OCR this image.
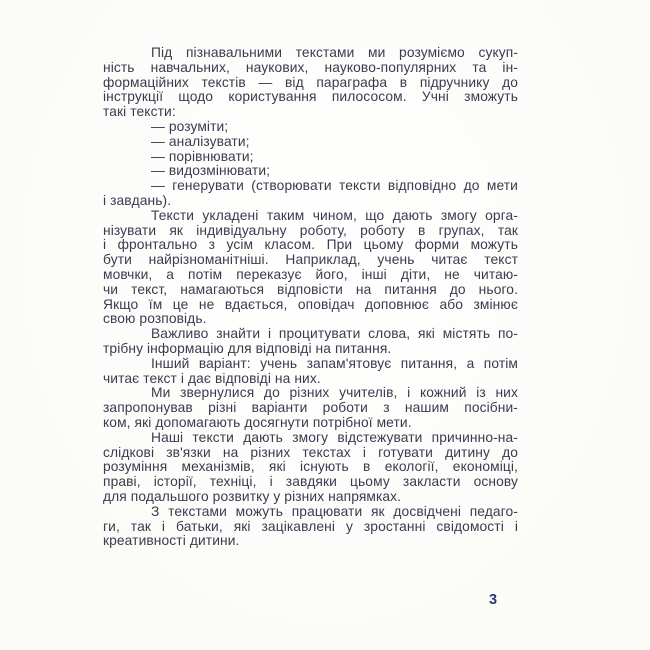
Під пізнавальними текстами ми розуміємо сукуп-
ність навчальних, наукових, науково-популярних та ін-
формаційних текстів — від параграфа в підручнику до
інструкції щодо користування пилососом. Учні зможуть
такі тексти:
— розуміти;
— аналізувати;
— порівнювати;
— видозмінювати;
— генерувати (створювати тексти відповідно до мети
і завдань).
Тексти укладені таким чином, що дають змогу орга-
нізувати як індивідуальну роботу, роботу в групах, так
і фронтально з усім класом. При цьому форми можуть
бути найрізноманітніші. Наприклад, учень читає текст
мовчки, а потім переказує його, інші діти, не читаю-
чи текст, намагаються відповісти на питання до нього.
Якщо їм це не вдається, оповідач доповнює або змінює
свою розповідь.
Важливо знайти і процитувати слова, які містять по-
трібну інформацію для відповіді на питання.
Інший варіант: учень запам'ятовує питання, а потім
читає текст і дає відповіді на них.
Ми звернулися до різних учителів, і кожний із них
запропонував різні варіанти роботи з нашим посібни-
ком, які допомагають досягнути потрібної мети.
Наші тексти дають змогу відстежувати причинно-на-
слідкові зв'язки на різних текстах і готувати дитину до
розуміння механізмів, які існують в екології, економіці,
праві, історії, техніці, і завдяки цьому закласти основу
для подальшого розвитку у різних напрямках.
З текстами можуть працювати як досвідчені педаго-
ги, так і батьки, які зацікавлені у зростанні свідомості і
креативності дитини.
3
